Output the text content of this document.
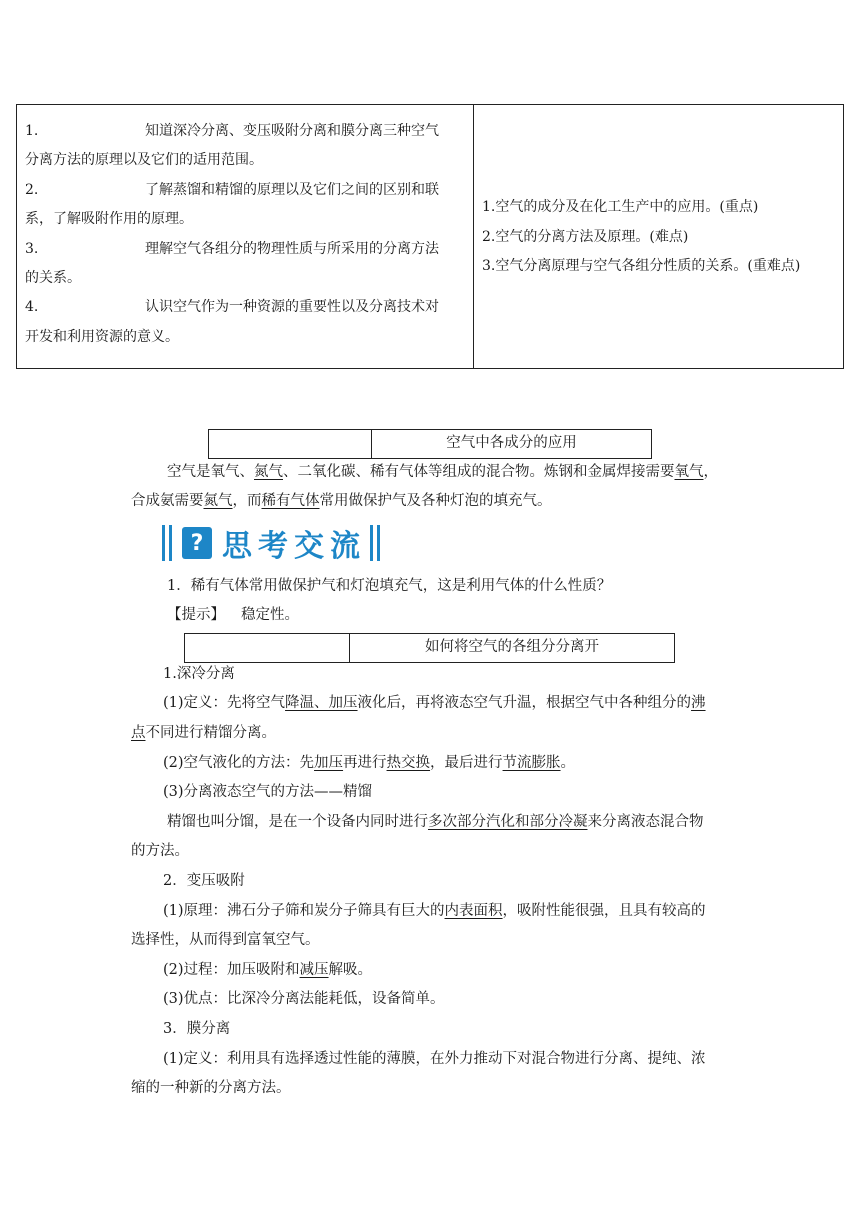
1.	知道深冷分离、变压吸附分离和膜分离三种空气
分离方法的原理以及它们的适用范围。
2.	了解蒸馏和精馏的原理以及它们之间的区别和联
系，了解吸附作用的原理。
3.	理解空气各组分的物理性质与所采用的分离方法
的关系。
4.	认识空气作为一种资源的重要性以及分离技术对
开发和利用资源的意义。
1.空气的成分及在化工生产中的应用。(重点)
2.空气的分离方法及原理。(难点)
3.空气分离原理与空气各组分性质的关系。(重难点)
空气中各成分的应用
空气是氧气、氮气、二氧化碳、稀有气体等组成的混合物。炼钢和金属焊接需要氧气，
合成氨需要氮气，而稀有气体常用做保护气及各种灯泡的填充气。
? 思考交流
1．稀有气体常用做保护气和灯泡填充气，这是利用气体的什么性质？
【提示】 稳定性。
如何将空气的各组分分离开
1.深冷分离
(1)定义：先将空气降温、加压液化后，再将液态空气升温，根据空气中各种组分的沸
点不同进行精馏分离。
(2)空气液化的方法：先加压再进行热交换，最后进行节流膨胀。
(3)分离液态空气的方法——精馏
精馏也叫分馏，是在一个设备内同时进行多次部分汽化和部分冷凝来分离液态混合物
的方法。
2．变压吸附
(1)原理：沸石分子筛和炭分子筛具有巨大的内表面积，吸附性能很强，且具有较高的
选择性，从而得到富氧空气。
(2)过程：加压吸附和减压解吸。
(3)优点：比深冷分离法能耗低，设备简单。
3．膜分离
(1)定义：利用具有选择透过性能的薄膜，在外力推动下对混合物进行分离、提纯、浓
缩的一种新的分离方法。
